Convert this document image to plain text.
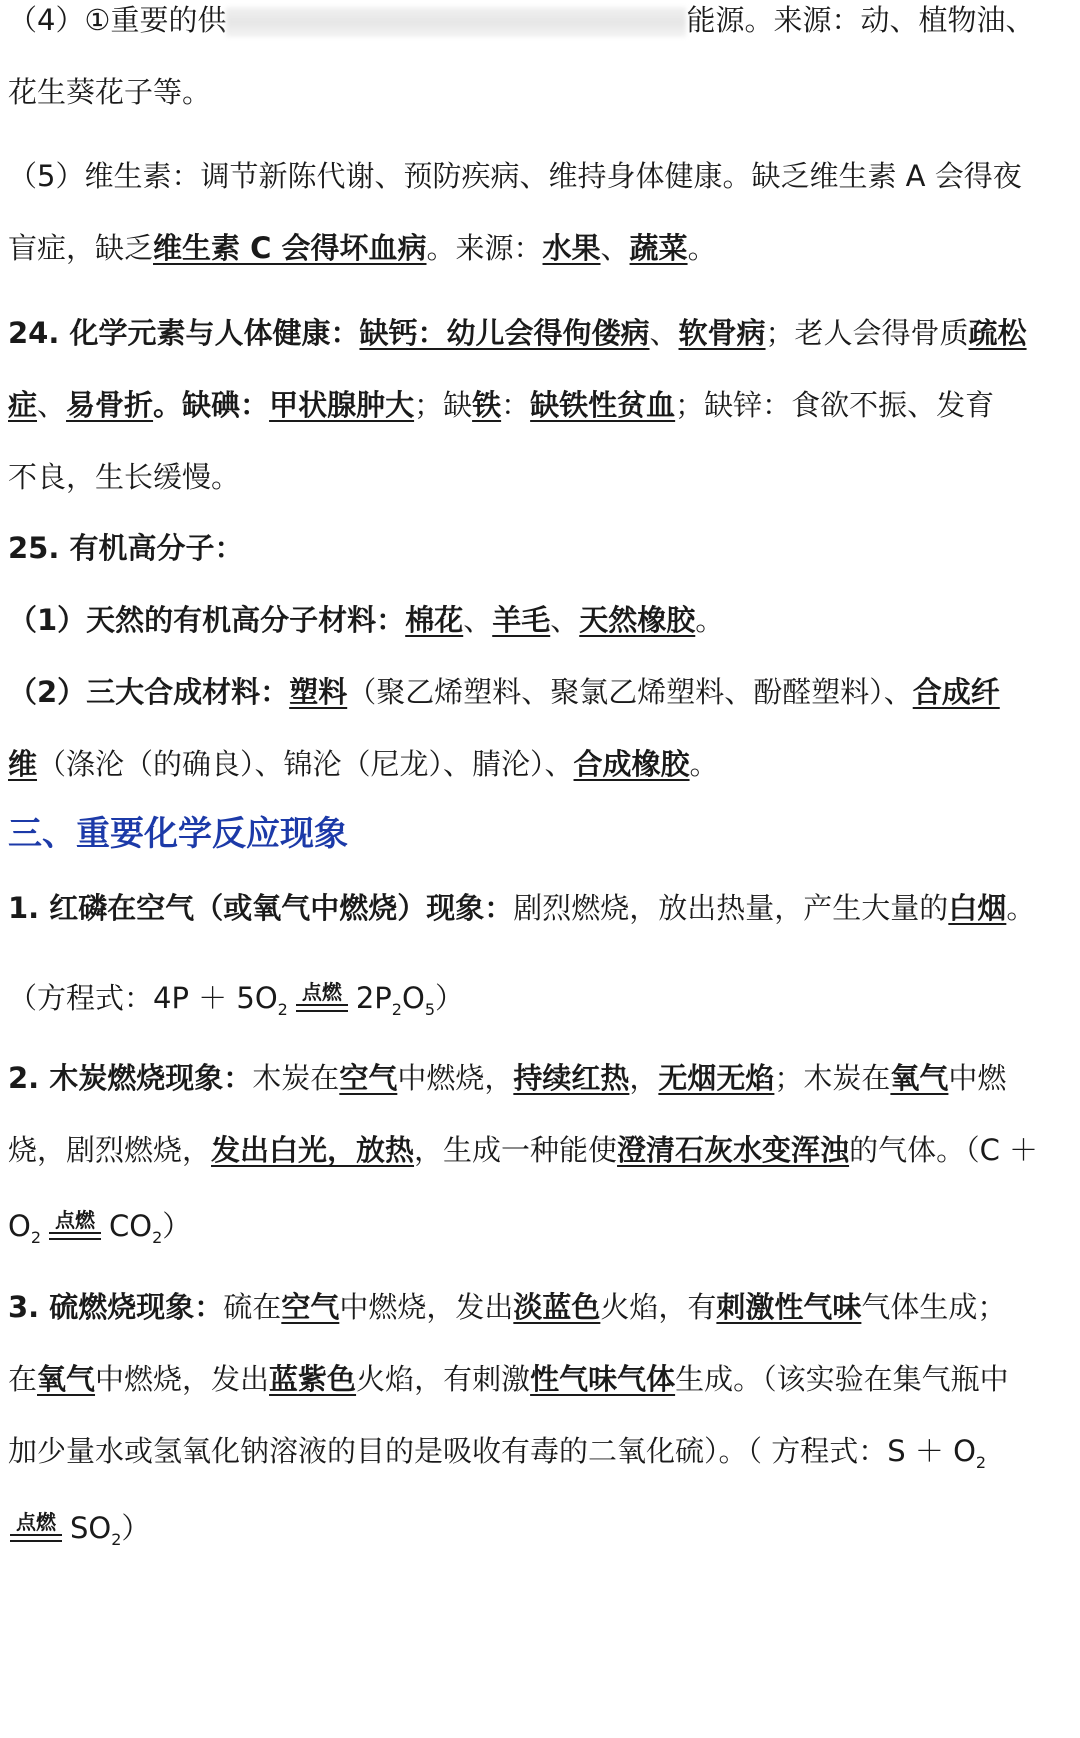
（4）①重要的供	能源。来源：动、植物油、
花生葵花子等。
（5）维生素：调节新陈代谢、预防疾病、维持身体健康。缺乏维生素 A 会得夜
盲症，缺乏维生素 C 会得坏血病。来源：水果、蔬菜。
24. 化学元素与人体健康：缺钙：幼儿会得佝偻病、软骨病；老人会得骨质疏松
症、易骨折。缺碘：甲状腺肿大；缺铁：缺铁性贫血；缺锌：食欲不振、发育
不良，生长缓慢。
25. 有机高分子：
（1）天然的有机高分子材料：棉花、羊毛、天然橡胶。
（2）三大合成材料：塑料（聚乙烯塑料、聚氯乙烯塑料、酚醛塑料）、合成纤
维（涤沦（的确良）、锦沦（尼龙）、腈沦）、合成橡胶。
三、重要化学反应现象
1. 红磷在空气（或氧气中燃烧）现象：剧烈燃烧，放出热量，产生大量的白烟。
（方程式：$4P + 5O_2$
点燃 $2P_2O_5$）
2. 木炭燃烧现象：木炭在空气中燃烧，持续红热，无烟无焰；木炭在氧气中燃
烧，剧烈燃烧，发出白光，放热，生成一种能使澄清石灰水变浑浊的气体。（C ＋
$O_2$
点燃 $CO_2$）
3. 硫燃烧现象：硫在空气中燃烧，发出淡蓝色火焰，有刺激性气味气体生成；
在氧气中燃烧，发出蓝紫色火焰，有刺激性气味气体生成。（该实验在集气瓶中
加少量水或氢氧化钠溶液的目的是吸收有毒的二氧化硫）。（ 方程式：$S + O_2$
点燃 $SO_2$）
